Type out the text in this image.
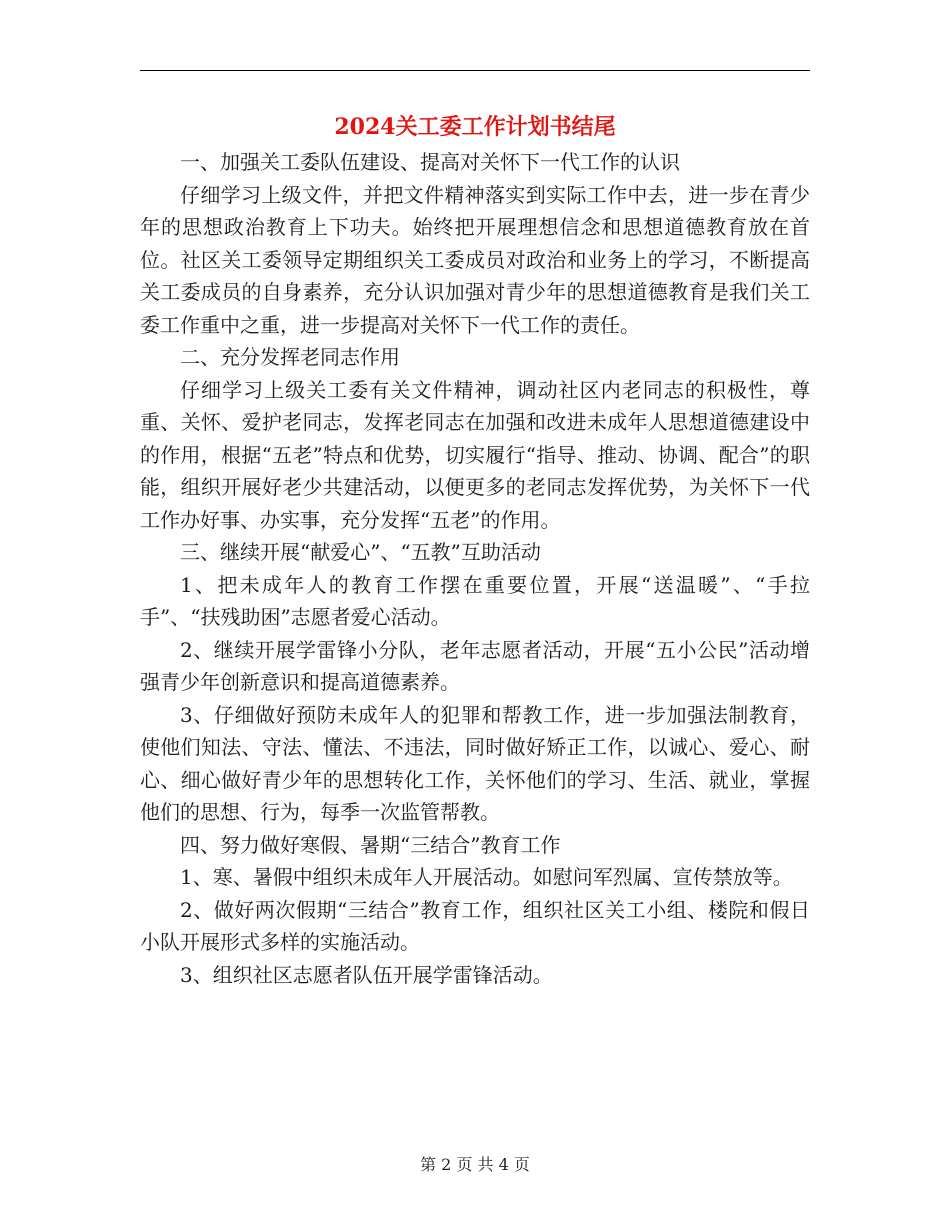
2024关工委工作计划书结尾

一、加强关工委队伍建设、提高对关怀下一代工作的认识

仔细学习上级文件，并把文件精神落实到实际工作中去，进一步在青少年的思想政治教育上下功夫。始终把开展理想信念和思想道德教育放在首位。社区关工委领导定期组织关工委成员对政治和业务上的学习，不断提高关工委成员的自身素养，充分认识加强对青少年的思想道德教育是我们关工委工作重中之重，进一步提高对关怀下一代工作的责任。

二、充分发挥老同志作用

仔细学习上级关工委有关文件精神，调动社区内老同志的积极性，尊重、关怀、爱护老同志，发挥老同志在加强和改进未成年人思想道德建设中的作用，根据“五老”特点和优势，切实履行“指导、推动、协调、配合”的职能，组织开展好老少共建活动，以便更多的老同志发挥优势，为关怀下一代工作办好事、办实事，充分发挥“五老”的作用。

三、继续开展“献爱心”、“五教”互助活动

1、把未成年人的教育工作摆在重要位置，开展“送温暖”、“手拉手”、“扶残助困”志愿者爱心活动。

2、继续开展学雷锋小分队，老年志愿者活动，开展“五小公民”活动增强青少年创新意识和提高道德素养。

3、仔细做好预防未成年人的犯罪和帮教工作，进一步加强法制教育，使他们知法、守法、懂法、不违法，同时做好矫正工作，以诚心、爱心、耐心、细心做好青少年的思想转化工作，关怀他们的学习、生活、就业，掌握他们的思想、行为，每季一次监管帮教。

四、努力做好寒假、暑期“三结合”教育工作

1、寒、暑假中组织未成年人开展活动。如慰问军烈属、宣传禁放等。

2、做好两次假期“三结合”教育工作，组织社区关工小组、楼院和假日小队开展形式多样的实施活动。

3、组织社区志愿者队伍开展学雷锋活动。

第 2 页 共 4 页
